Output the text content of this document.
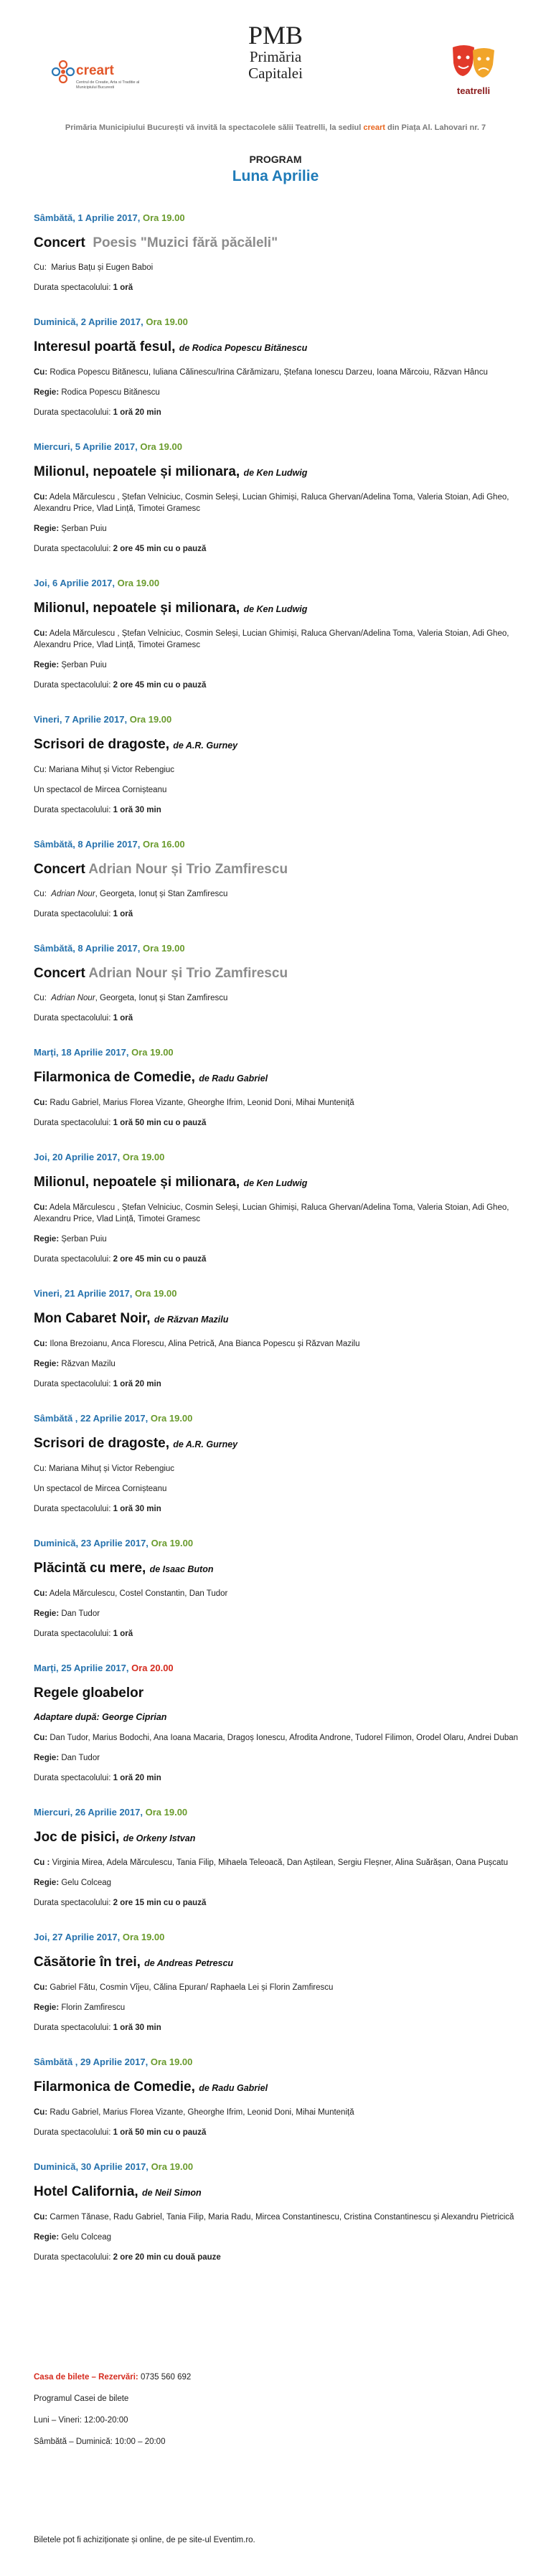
creart
Centrul de Creatie, Arta si Traditie al Municipiului Bucuresti
PMB
Primăria
Capitalei
teatrelli
Primăria Municipiului București vă invită la spectacolele sălii Teatrelli, la sediul creart din Piața Al. Lahovari nr. 7
PROGRAM
Luna Aprilie
Sâmbătă, 1 Aprilie 2017, Ora 19.00
Concert Poesis "Muzici fără păcăleli"
Cu: Marius Bațu și Eugen Baboi
Durata spectacolului: 1 oră
Duminică, 2 Aprilie 2017, Ora 19.00
Interesul poartă fesul, de Rodica Popescu Bitănescu
Cu: Rodica Popescu Bitănescu, Iuliana Călinescu/Irina Cărămizaru, Ștefana Ionescu Darzeu, Ioana Mărcoiu, Răzvan Hâncu
Regie: Rodica Popescu Bitănescu
Durata spectacolului: 1 oră 20 min
Miercuri, 5 Aprilie 2017, Ora 19.00
Milionul, nepoatele și milionara, de Ken Ludwig
Cu: Adela Mărculescu , Ștefan Velniciuc, Cosmin Seleși, Lucian Ghimiși, Raluca Ghervan/Adelina Toma, Valeria Stoian, Adi Gheo, Alexandru Price, Vlad Lință, Timotei Gramesc
Regie: Șerban Puiu
Durata spectacolului: 2 ore 45 min cu o pauză
Joi, 6 Aprilie 2017, Ora 19.00
Milionul, nepoatele și milionara, de Ken Ludwig
Cu: Adela Mărculescu , Ștefan Velniciuc, Cosmin Seleși, Lucian Ghimiși, Raluca Ghervan/Adelina Toma, Valeria Stoian, Adi Gheo, Alexandru Price, Vlad Lință, Timotei Gramesc
Regie: Șerban Puiu
Durata spectacolului: 2 ore 45 min cu o pauză
Vineri, 7 Aprilie 2017, Ora 19.00
Scrisori de dragoste, de A.R. Gurney
Cu: Mariana Mihuț și Victor Rebengiuc
Un spectacol de Mircea Cornișteanu
Durata spectacolului: 1 oră 30 min
Sâmbătă, 8 Aprilie 2017, Ora 16.00
Concert Adrian Nour și Trio Zamfirescu
Cu: Adrian Nour, Georgeta, Ionuț și Stan Zamfirescu
Durata spectacolului: 1 oră
Sâmbătă, 8 Aprilie 2017, Ora 19.00
Concert Adrian Nour și Trio Zamfirescu
Cu: Adrian Nour, Georgeta, Ionuț și Stan Zamfirescu
Durata spectacolului: 1 oră
Marți, 18 Aprilie 2017, Ora 19.00
Filarmonica de Comedie, de Radu Gabriel
Cu: Radu Gabriel, Marius Florea Vizante, Gheorghe Ifrim, Leonid Doni, Mihai Munteniță
Durata spectacolului: 1 oră 50 min cu o pauză
Joi, 20 Aprilie 2017, Ora 19.00
Milionul, nepoatele și milionara, de Ken Ludwig
Cu: Adela Mărculescu , Ștefan Velniciuc, Cosmin Seleși, Lucian Ghimiși, Raluca Ghervan/Adelina Toma, Valeria Stoian, Adi Gheo, Alexandru Price, Vlad Lință, Timotei Gramesc
Regie: Șerban Puiu
Durata spectacolului: 2 ore 45 min cu o pauză
Vineri, 21 Aprilie 2017, Ora 19.00
Mon Cabaret Noir, de Răzvan Mazilu
Cu: Ilona Brezoianu, Anca Florescu, Alina Petrică, Ana Bianca Popescu și Răzvan Mazilu
Regie: Răzvan Mazilu
Durata spectacolului: 1 oră 20 min
Sâmbătă , 22 Aprilie 2017, Ora 19.00
Scrisori de dragoste, de A.R. Gurney
Cu: Mariana Mihuț și Victor Rebengiuc
Un spectacol de Mircea Cornișteanu
Durata spectacolului: 1 oră 30 min
Duminică, 23 Aprilie 2017, Ora 19.00
Plăcintă cu mere, de Isaac Buton
Cu: Adela Mărculescu, Costel Constantin, Dan Tudor
Regie: Dan Tudor
Durata spectacolului: 1 oră
Marți, 25 Aprilie 2017, Ora 20.00
Regele gloabelor
Adaptare după: George Ciprian
Cu: Dan Tudor, Marius Bodochi, Ana Ioana Macaria, Dragoș Ionescu, Afrodita Androne, Tudorel Filimon, Orodel Olaru, Andrei Duban
Regie: Dan Tudor
Durata spectacolului: 1 oră 20 min
Miercuri, 26 Aprilie 2017, Ora 19.00
Joc de pisici, de Orkeny Istvan
Cu : Virginia Mirea, Adela Mărculescu, Tania Filip, Mihaela Teleoacă, Dan Aștilean, Sergiu Fleșner, Alina Suărășan, Oana Pușcatu
Regie: Gelu Colceag
Durata spectacolului: 2 ore 15 min cu o pauză
Joi, 27 Aprilie 2017, Ora 19.00
Căsătorie în trei, de Andreas Petrescu
Cu: Gabriel Fătu, Cosmin Vîjeu, Călina Epuran/ Raphaela Lei și Florin Zamfirescu
Regie: Florin Zamfirescu
Durata spectacolului: 1 oră 30 min
Sâmbătă , 29 Aprilie 2017, Ora 19.00
Filarmonica de Comedie, de Radu Gabriel
Cu: Radu Gabriel, Marius Florea Vizante, Gheorghe Ifrim, Leonid Doni, Mihai Munteniță
Durata spectacolului: 1 oră 50 min cu o pauză
Duminică, 30 Aprilie 2017, Ora 19.00
Hotel California, de Neil Simon
Cu: Carmen Tănase, Radu Gabriel, Tania Filip, Maria Radu, Mircea Constantinescu, Cristina Constantinescu și Alexandru Pietricică
Regie: Gelu Colceag
Durata spectacolului: 2 ore 20 min cu două pauze
Casa de bilete – Rezervări: 0735 560 692
Programul Casei de bilete
Luni – Vineri: 12:00-20:00
Sâmbătă – Duminică: 10:00 – 20:00
Biletele pot fi achiziționate și online, de pe site-ul Eventim.ro.
